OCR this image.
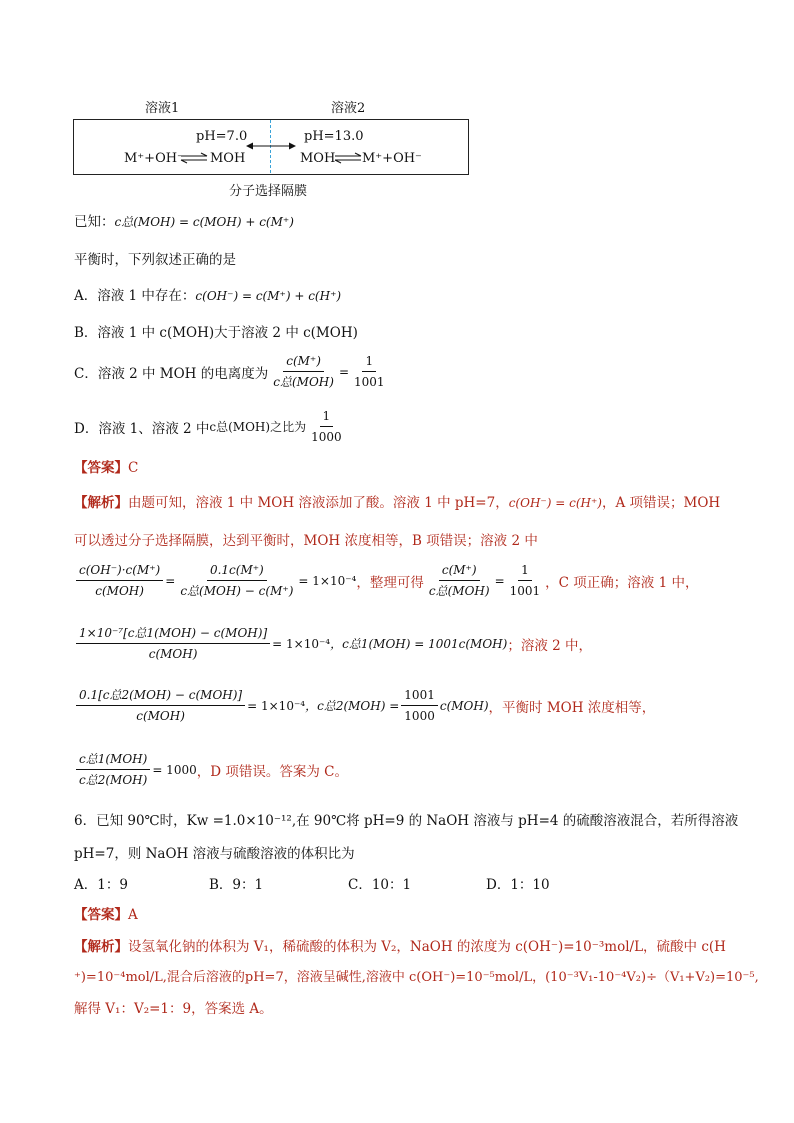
溶液1	溶液2
pH=7.0	pH=13.0
M⁺+OH⁻ ⇌ MOH	MOH ⇌ M⁺+OH⁻
分子选择隔膜
已知：c总(MOH) = c(MOH) + c(M⁺)
平衡时，下列叙述正确的是
A．溶液 1 中存在：c(OH⁻) = c(M⁺) + c(H⁺)
B．溶液 1 中 c(MOH)大于溶液 2 中 c(MOH)
C．溶液 2 中 MOH 的电离度为 $\frac{c(M^+)}{\text{c总(MOH)}} = \frac{1}{1001}$
D．溶液 1、溶液 2 中 c总(MOH)之比为 $\frac{1}{1000}$
【答案】C
【解析】由题可知，溶液 1 中 MOH 溶液添加了酸。溶液 1 中 pH=7，c(OH⁻) = c(H⁺)，A 项错误；MOH
可以透过分子选择隔膜，达到平衡时，MOH 浓度相等，B 项错误；溶液 2 中
$\frac{c(OH^-)\cdot c(M^+)}{\text{c(MOH)}} = \frac{0.1c(M^+)}{\text{c总(MOH) − c(M⁺)}} = 1\times 10^{-4}$ ，整理可得 $\frac{c(M^+)}{\text{c总(MOH)}} = \frac{1}{1001}$ ，C 项正确；溶液 1 中，
$\frac{\text{1×10⁻⁷[c总1(MOH) − c(MOH)]}}{\text{c(MOH)}} = 1\times 10^{-4}$ ，c总1(MOH) = 1001c(MOH) ；溶液 2 中，
$\frac{\text{0.1[c总2(MOH) − c(MOH)]}}{\text{c(MOH)}} = 1\times 10^{-4}$ ，c总$2(MOH) = \frac{1001}{1000} c(MOH)$ ，平衡时 MOH 浓度相等，
$\frac{\text{c总1(MOH)}}{\text{c总2(MOH)}} = 1000$ ，D 项错误。答案为 C。
6．已知 90℃时，Kw =1.0×10⁻¹²,在 90℃将 pH=9 的 NaOH 溶液与 pH=4 的硫酸溶液混合，若所得溶液
pH=7，则 NaOH 溶液与硫酸溶液的体积比为
A．1：9	B．9：1	C．10：1	D．1：10
【答案】A
【解析】设氢氧化钠的体积为 V₁，稀硫酸的体积为 V₂，NaOH 的浓度为 c(OH⁻)=10⁻³mol/L，硫酸中 c(H
⁺)=10⁻⁴mol/L,混合后溶液的pH=7，溶液呈碱性,溶液中 c(OH⁻)=10⁻⁵mol/L，(10⁻³V₁-10⁻⁴V₂)÷（V₁+V₂)=10⁻⁵,
解得 V₁：V₂=1：9，答案选 A。
